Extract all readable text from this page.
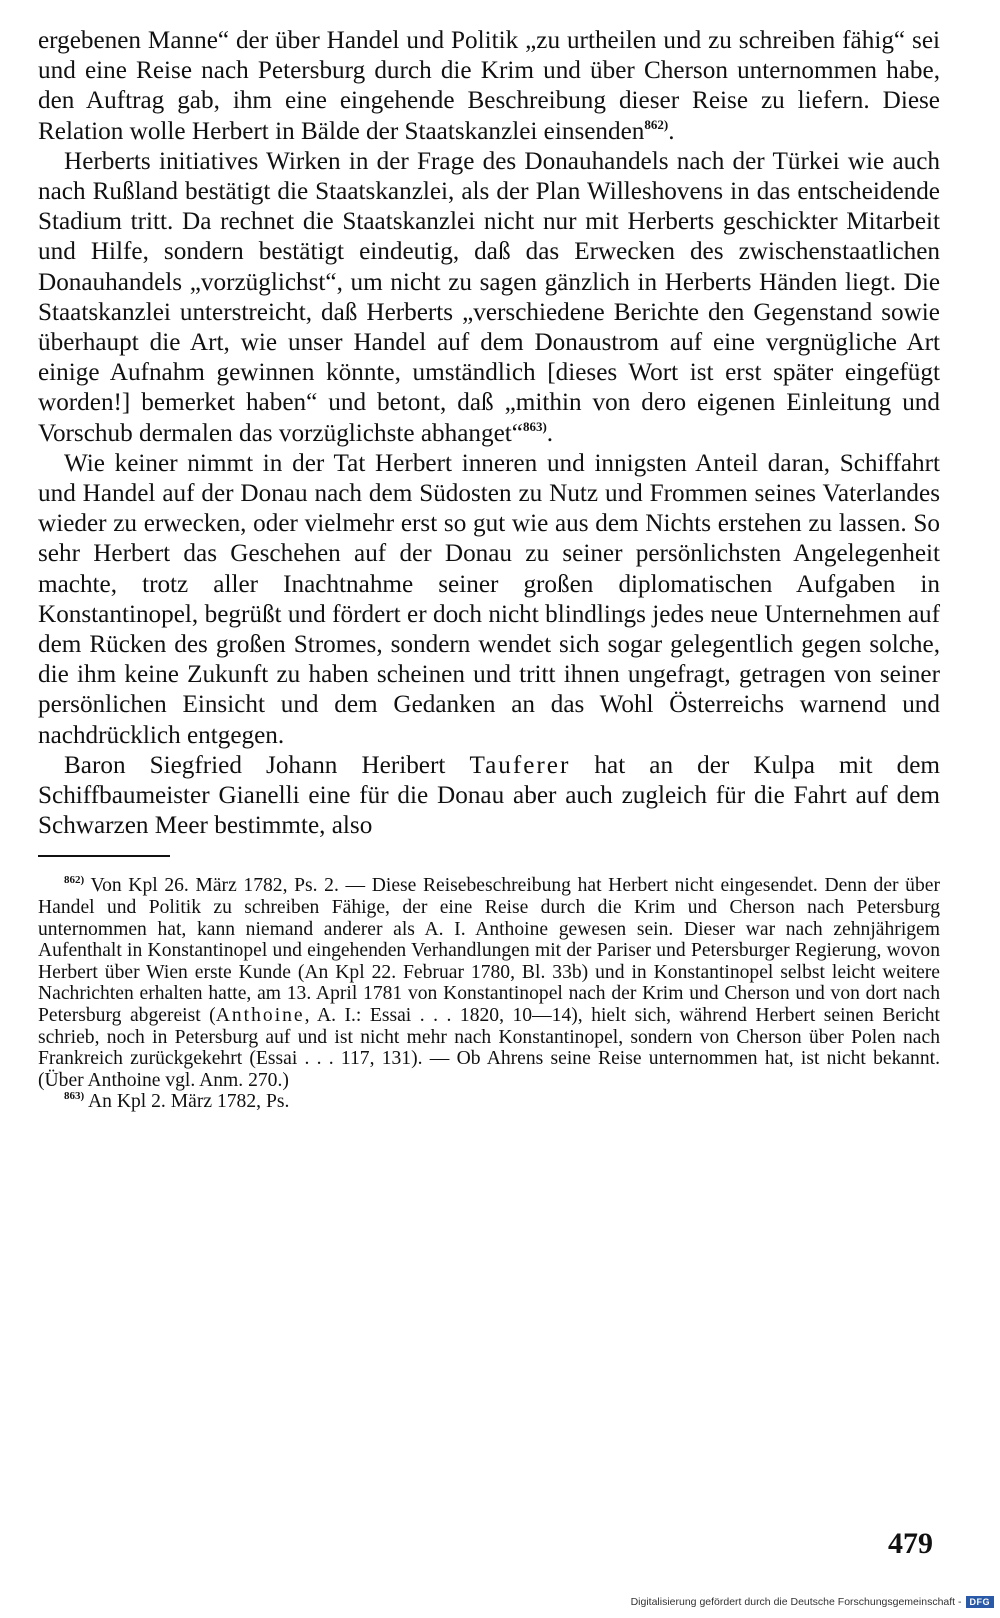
ergebenen Manne“ der über Handel und Politik „zu urtheilen und zu schreiben fähig“ sei und eine Reise nach Petersburg durch die Krim und über Cherson unternommen habe, den Auftrag gab, ihm eine eingehende Beschreibung dieser Reise zu liefern. Diese Relation wolle Herbert in Bälde der Staatskanzlei einsenden$^{862)}$.

Herberts initiatives Wirken in der Frage des Donauhandels nach der Türkei wie auch nach Rußland bestätigt die Staatskanzlei, als der Plan Willeshovens in das entscheidende Stadium tritt. Da rechnet die Staatskanzlei nicht nur mit Herberts geschickter Mitarbeit und Hilfe, sondern bestätigt eindeutig, daß das Erwecken des zwischenstaatlichen Donauhandels „vorzüglichst“, um nicht zu sagen gänzlich in Herberts Händen liegt. Die Staatskanzlei unterstreicht, daß Herberts „verschiedene Berichte den Gegenstand sowie überhaupt die Art, wie unser Handel auf dem Donaustrom auf eine vergnügliche Art einige Aufnahm gewinnen könnte, umständlich [dieses Wort ist erst später eingefügt worden!] bemerket haben“ und betont, daß „mithin von dero eigenen Einleitung und Vorschub dermalen das vorzüglichste abhanget“$^{863)}$.

Wie keiner nimmt in der Tat Herbert inneren und innigsten Anteil daran, Schiffahrt und Handel auf der Donau nach dem Südosten zu Nutz und Frommen seines Vaterlandes wieder zu erwecken, oder vielmehr erst so gut wie aus dem Nichts erstehen zu lassen. So sehr Herbert das Geschehen auf der Donau zu seiner persönlichsten Angelegenheit machte, trotz aller Inachtnahme seiner großen diplomatischen Aufgaben in Konstantinopel, begrüßt und fördert er doch nicht blindlings jedes neue Unternehmen auf dem Rücken des großen Stromes, sondern wendet sich sogar gelegentlich gegen solche, die ihm keine Zukunft zu haben scheinen und tritt ihnen ungefragt, getragen von seiner persönlichen Einsicht und dem Gedanken an das Wohl Österreichs warnend und nachdrücklich entgegen.

Baron Siegfried Johann Heribert Tauferer hat an der Kulpa mit dem Schiffbaumeister Gianelli eine für die Donau aber auch zugleich für die Fahrt auf dem Schwarzen Meer bestimmte, also

$^{862)}$ Von Kpl 26. März 1782, Ps. 2. — Diese Reisebeschreibung hat Herbert nicht eingesendet. Denn der über Handel und Politik zu schreiben Fähige, der eine Reise durch die Krim und Cherson nach Petersburg unternommen hat, kann niemand anderer als A. I. Anthoine gewesen sein. Dieser war nach zehnjährigem Aufenthalt in Konstantinopel und eingehenden Verhandlungen mit der Pariser und Petersburger Regierung, wovon Herbert über Wien erste Kunde (An Kpl 22. Februar 1780, Bl. 33b) und in Konstantinopel selbst leicht weitere Nachrichten erhalten hatte, am 13. April 1781 von Konstantinopel nach der Krim und Cherson und von dort nach Petersburg abgereist (Anthoine, A. I.: Essai . . . 1820, 10—14), hielt sich, während Herbert seinen Bericht schrieb, noch in Petersburg auf und ist nicht mehr nach Konstantinopel, sondern von Cherson über Polen nach Frankreich zurückgekehrt (Essai . . . 117, 131). — Ob Ahrens seine Reise unternommen hat, ist nicht bekannt. (Über Anthoine vgl. Anm. 270.)

$^{863)}$ An Kpl 2. März 1782, Ps.

479
Digitalisierung gefördert durch die Deutsche Forschungsgemeinschaft - DFG
